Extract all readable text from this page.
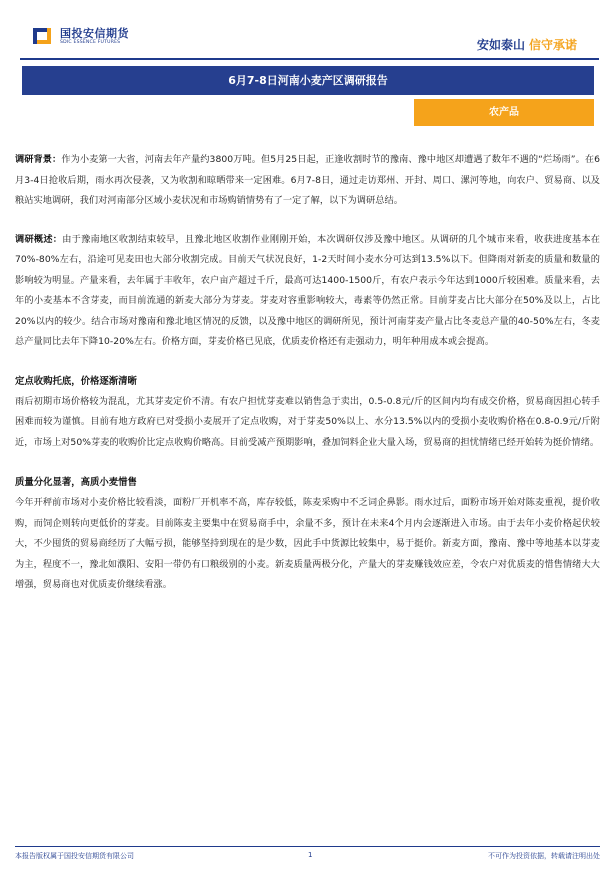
国投安信期货
SDIC ESSENCE FUTURES	安如泰山 信守承诺
6月7-8日河南小麦产区调研报告
农产品

调研背景：作为小麦第一大省，河南去年产量约3800万吨。但5月25日起，正逢收割时节的豫南、豫中地区却遭遇了数年不遇的“烂场雨”。在6月3-4日抢收后期，雨水再次侵袭，又为收割和晾晒带来一定困难。6月7-8日，通过走访郑州、开封、周口、漯河等地，向农户、贸易商、以及粮站实地调研，我们对河南部分区域小麦状况和市场购销情势有了一定了解，以下为调研总结。

调研概述：由于豫南地区收割结束较早，且豫北地区收割作业刚刚开始，本次调研仅涉及豫中地区。从调研的几个城市来看，收获进度基本在70%-80%左右，沿途可见麦田也大部分收割完成。目前天气状况良好，1-2天时间小麦水分可达到13.5%以下。但降雨对新麦的质量和数量的影响较为明显。产量来看，去年属于丰收年，农户亩产超过千斤，最高可达1400-1500斤，有农户表示今年达到1000斤较困难。质量来看，去年的小麦基本不含芽麦，而目前流通的新麦大部分为芽麦。芽麦对容重影响较大，毒素等仍然正常。目前芽麦占比大部分在50%及以上，占比20%以内的较少。结合市场对豫南和豫北地区情况的反馈，以及豫中地区的调研所见，预计河南芽麦产量占比冬麦总产量的40-50%左右，冬麦总产量同比去年下降10-20%左右。价格方面，芽麦价格已见底，优质麦价格还有走强动力，明年种用成本或会提高。

定点收购托底，价格逐渐清晰

雨后初期市场价格较为混乱，尤其芽麦定价不清。有农户担忧芽麦难以销售急于卖出，0.5-0.8元/斤的区间内均有成交价格，贸易商因担心转手困难而较为谨慎。目前有地方政府已对受损小麦展开了定点收购，对于芽麦50%以上、水分13.5%以内的受损小麦收购价格在0.8-0.9元/斤附近，市场上对50%芽麦的收购价比定点收购价略高。目前受减产预期影响，叠加饲料企业大量入场，贸易商的担忧情绪已经开始转为挺价情绪。

质量分化显著，高质小麦惜售

今年开秤前市场对小麦价格比较看淡，面粉厂开机率不高，库存较低，陈麦采购中不乏词企鼻影。雨水过后，面粉市场开始对陈麦重视，提价收购，而饲企则转向更低价的芽麦。目前陈麦主要集中在贸易商手中，余量不多，预计在未来4个月内会逐渐进入市场。由于去年小麦价格起伏较大，不少囤货的贸易商经历了大幅亏损，能够坚持到现在的是少数，因此手中货源比较集中，易于挺价。新麦方面，豫南、豫中等地基本以芽麦为主，程度不一，豫北如濮阳、安阳一带仍有口粮级别的小麦。新麦质量两极分化，产量大的芽麦赚钱效应差，令农户对优质麦的惜售情绪大大增强，贸易商也对优质麦价继续看涨。

本报告版权属于国投安信期货有限公司	1	不可作为投资依据，转载请注明出处
